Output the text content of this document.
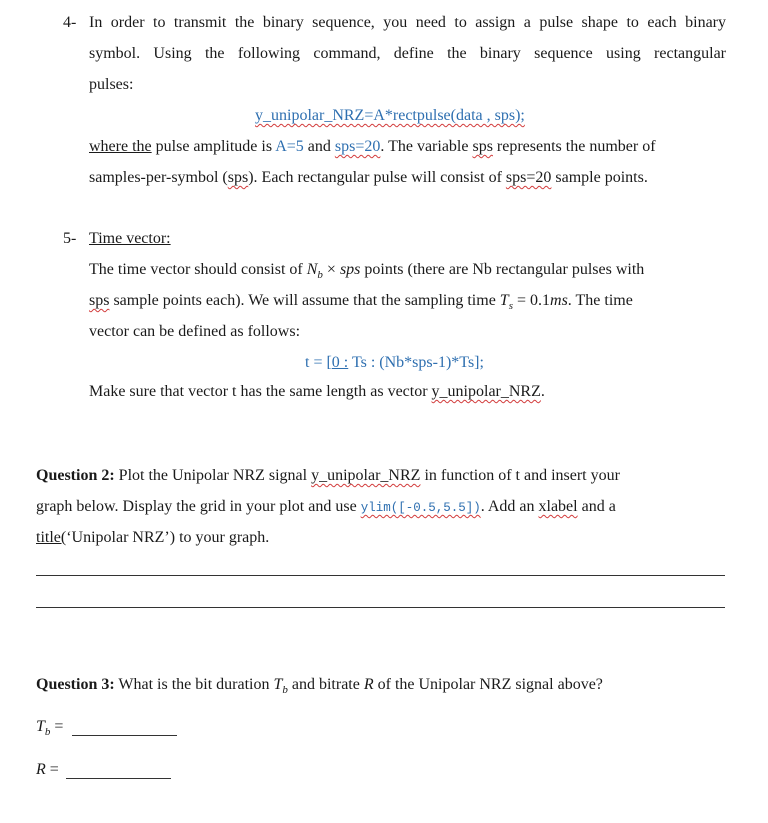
4- In order to transmit the binary sequence, you need to assign a pulse shape to each binary
symbol. Using the following command, define the binary sequence using rectangular
pulses:
y_unipolar_NRZ=A*rectpulse(data , sps);
where the pulse amplitude is A=5 and sps=20. The variable sps represents the number of
samples-per-symbol (sps). Each rectangular pulse will consist of sps=20 sample points.
5- Time vector:
The time vector should consist of $N_b$ × sps points (there are Nb rectangular pulses with
sps sample points each). We will assume that the sampling time $T_s = 0.1ms$. The time
vector can be defined as follows:
t = [0 : Ts : (Nb*sps-1)*Ts];
Make sure that vector t has the same length as vector y_unipolar_NRZ.
Question 2: Plot the Unipolar NRZ signal y_unipolar_NRZ in function of t and insert your
graph below. Display the grid in your plot and use ylim([-0.5,5.5]). Add an xlabel and a
title(‘Unipolar NRZ’) to your graph.
Question 3: What is the bit duration $T_b$ and bitrate R of the Unipolar NRZ signal above?
$T_b$ =
R =
